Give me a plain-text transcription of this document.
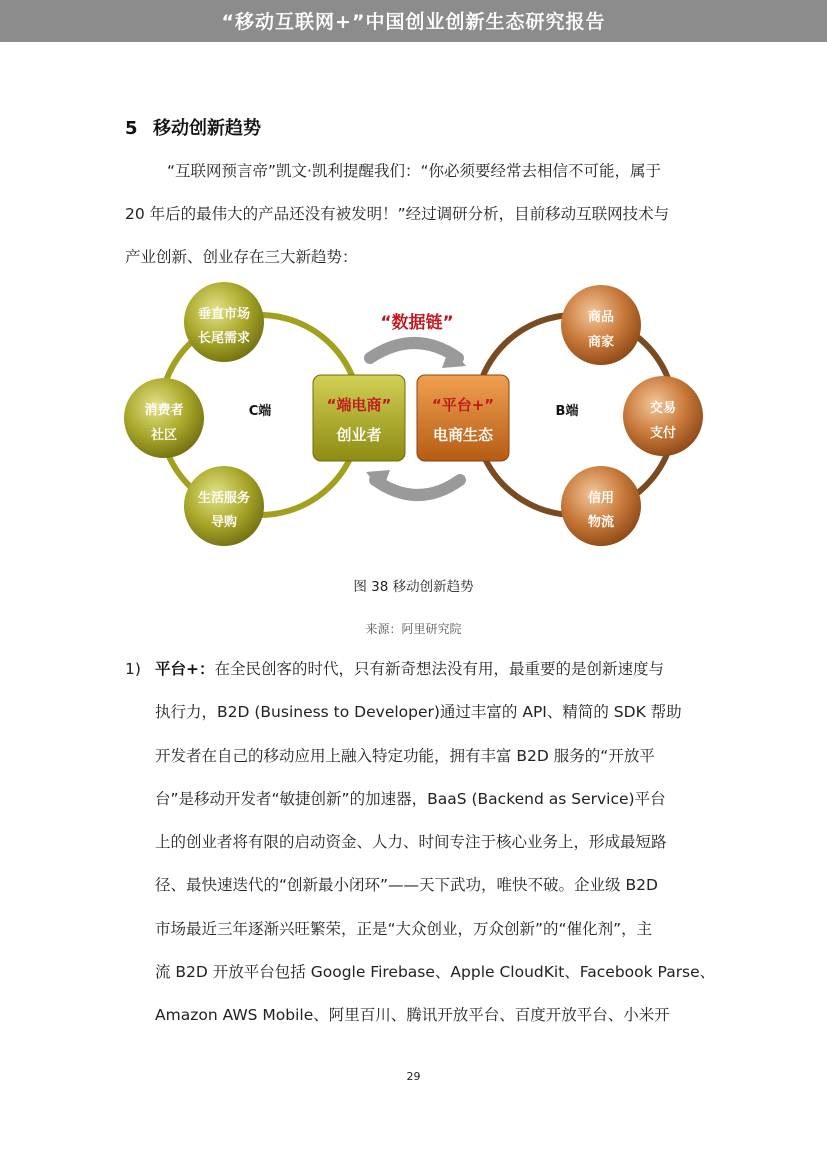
“移动互联网+”中国创业创新生态研究报告
5 移动创新趋势
“互联网预言帝”凯文·凯利提醒我们：“你必须要经常去相信不可能，属于
20 年后的最伟大的产品还没有被发明！”经过调研分析，目前移动互联网技术与
产业创新、创业存在三大新趋势：
“数据链”
“端电商”
创业者
“平台+”
电商生态
C端	B端
垂直市场
长尾需求
消费者
社区
生活服务
导购
商品
商家
交易
支付
信用
物流
图 38 移动创新趋势
来源：阿里研究院
1) 平台+：在全民创客的时代，只有新奇想法没有用，最重要的是创新速度与
执行力，B2D (Business to Developer)通过丰富的 API、精简的 SDK 帮助
开发者在自己的移动应用上融入特定功能，拥有丰富 B2D 服务的“开放平
台”是移动开发者“敏捷创新”的加速器，BaaS (Backend as Service)平台
上的创业者将有限的启动资金、人力、时间专注于核心业务上，形成最短路
径、最快速迭代的“创新最小闭环”——天下武功，唯快不破。企业级 B2D
市场最近三年逐渐兴旺繁荣，正是“大众创业，万众创新”的“催化剂”，主
流 B2D 开放平台包括 Google Firebase、Apple CloudKit、Facebook Parse、
Amazon AWS Mobile、阿里百川、腾讯开放平台、百度开放平台、小米开
29
